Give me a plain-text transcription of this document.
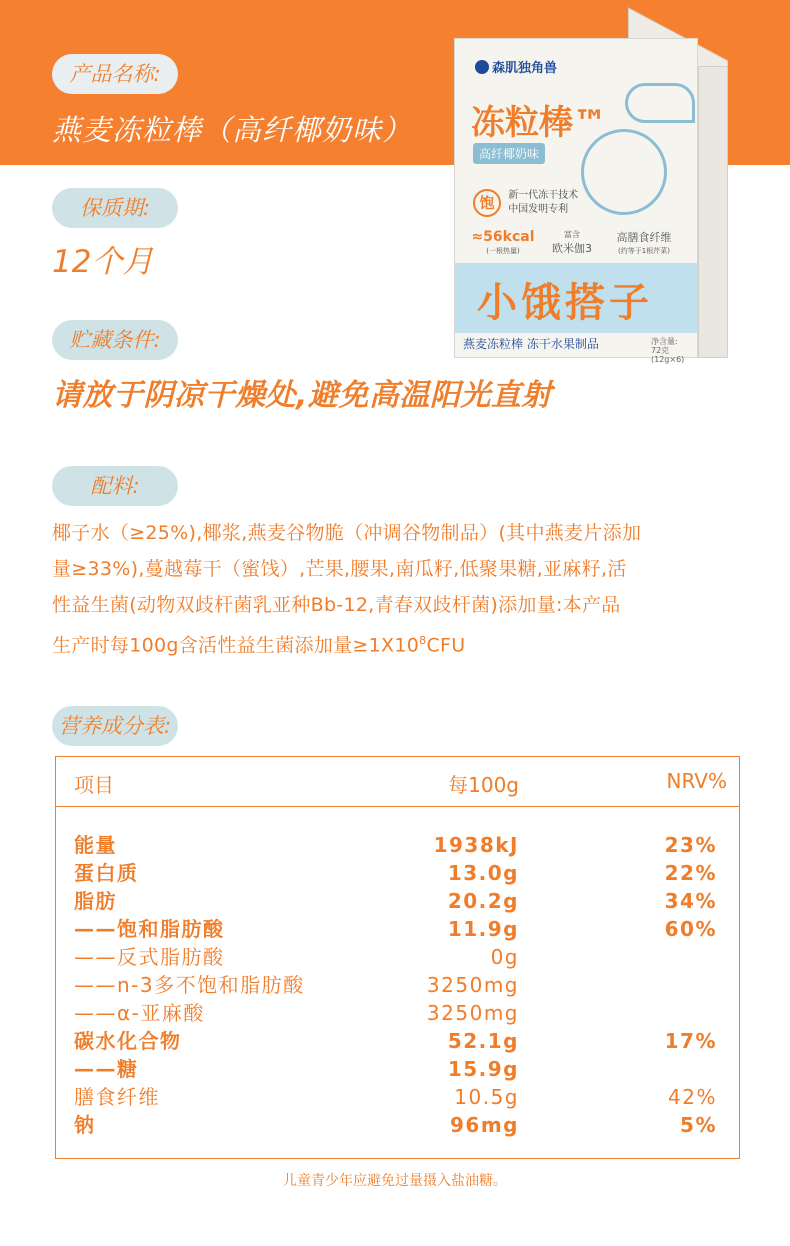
产品名称:
燕麦冻粒棒（高纤椰奶味）
保质期:
12个月
贮藏条件:
请放于阴凉干燥处,避免高温阳光直射
配料:
椰子水（≥25%),椰浆,燕麦谷物脆（冲调谷物制品）(其中燕麦片添加
量≥33%),蔓越莓干（蜜饯）,芒果,腰果,南瓜籽,低聚果糖,亚麻籽,活
性益生菌(动物双歧杆菌乳亚种Bb-12,青春双歧杆菌)添加量:本产品
生产时每100g含活性益生菌添加量$\ge 1X10^8CFU$
森肌独角兽
冻粒棒™
高纤椰奶味
饱 新一代冻干技术
中国发明专利
≈56kcal
(一根热量)
富含
欧米伽3
高膳食纤维
(约等于1根芹菜)
小饿搭子
燕麦冻粒棒 冻干水果制品	净含量:
72克(12g×6)
营养成分表:
项目	每100g	NRV%
能量	1938kJ	23%
蛋白质	13.0g	22%
脂肪	20.2g	34%
——饱和脂肪酸	11.9g	60%
——反式脂肪酸	0g
——n-3多不饱和脂肪酸	3250mg
——α-亚麻酸	3250mg
碳水化合物	52.1g	17%
——糖	15.9g
膳食纤维	10.5g	42%
钠	96mg	5%
儿童青少年应避免过量摄入盐油糖。
